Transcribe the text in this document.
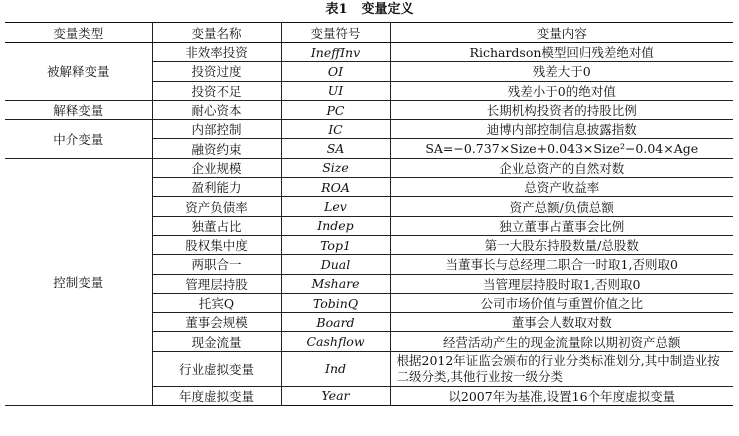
表1 变量定义
变量类型	变量名称	变量符号	变量内容
被解释变量	非效率投资	IneffInv	Richardson模型回归残差绝对值
	投资过度	OI	残差大于0
	投资不足	UI	残差小于0的绝对值
解释变量	耐心资本	PC	长期机构投资者的持股比例
中介变量	内部控制	IC	迪博内部控制信息披露指数
	融资约束	SA	SA=−0.737×Size+0.043×Size²−0.04×Age
控制变量	企业规模	Size	企业总资产的自然对数
	盈利能力	ROA	总资产收益率
	资产负债率	Lev	资产总额/负债总额
	独董占比	Indep	独立董事占董事会比例
	股权集中度	Top1	第一大股东持股数量/总股数
	两职合一	Dual	当董事长与总经理二职合一时取1,否则取0
	管理层持股	Mshare	当管理层持股时取1,否则取0
	托宾Q	TobinQ	公司市场价值与重置价值之比
	董事会规模	Board	董事会人数取对数
	现金流量	Cashflow	经营活动产生的现金流量除以期初资产总额
	行业虚拟变量	Ind	根据2012年证监会颁布的行业分类标准划分,其中制造业按二级分类,其他行业按一级分类
	年度虚拟变量	Year	以2007年为基准,设置16个年度虚拟变量
